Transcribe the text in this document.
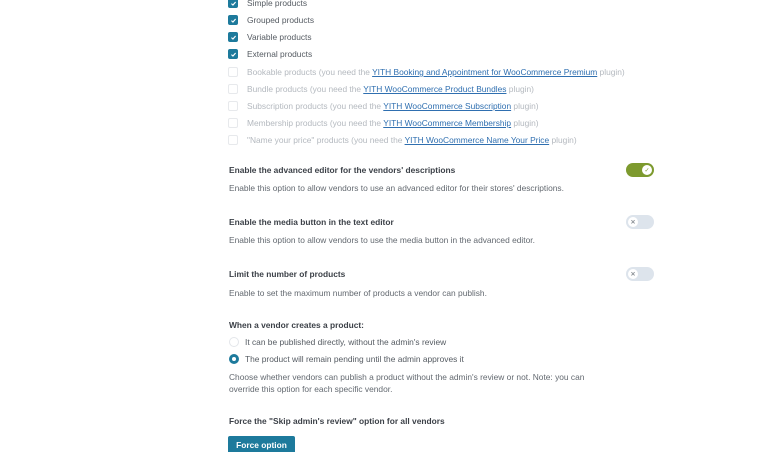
Simple products
Grouped products
Variable products
External products
Bookable products (you need the YITH Booking and Appointment for WooCommerce Premium plugin)
Bundle products (you need the YITH WooCommerce Product Bundles plugin)
Subscription products (you need the YITH WooCommerce Subscription plugin)
Membership products (you need the YITH WooCommerce Membership plugin)
"Name your price" products (you need the YITH WooCommerce Name Your Price plugin)
Enable the advanced editor for the vendors' descriptions	✓
Enable this option to allow vendors to use an advanced editor for their stores' descriptions.
Enable the media button in the text editor	✕
Enable this option to allow vendors to use the media button in the advanced editor.
Limit the number of products	✕
Enable to set the maximum number of products a vendor can publish.
When a vendor creates a product:
It can be published directly, without the admin's review
The product will remain pending until the admin approves it
Choose whether vendors can publish a product without the admin's review or not. Note: you can
override this option for each specific vendor.
Force the "Skip admin's review" option for all vendors
Force option
